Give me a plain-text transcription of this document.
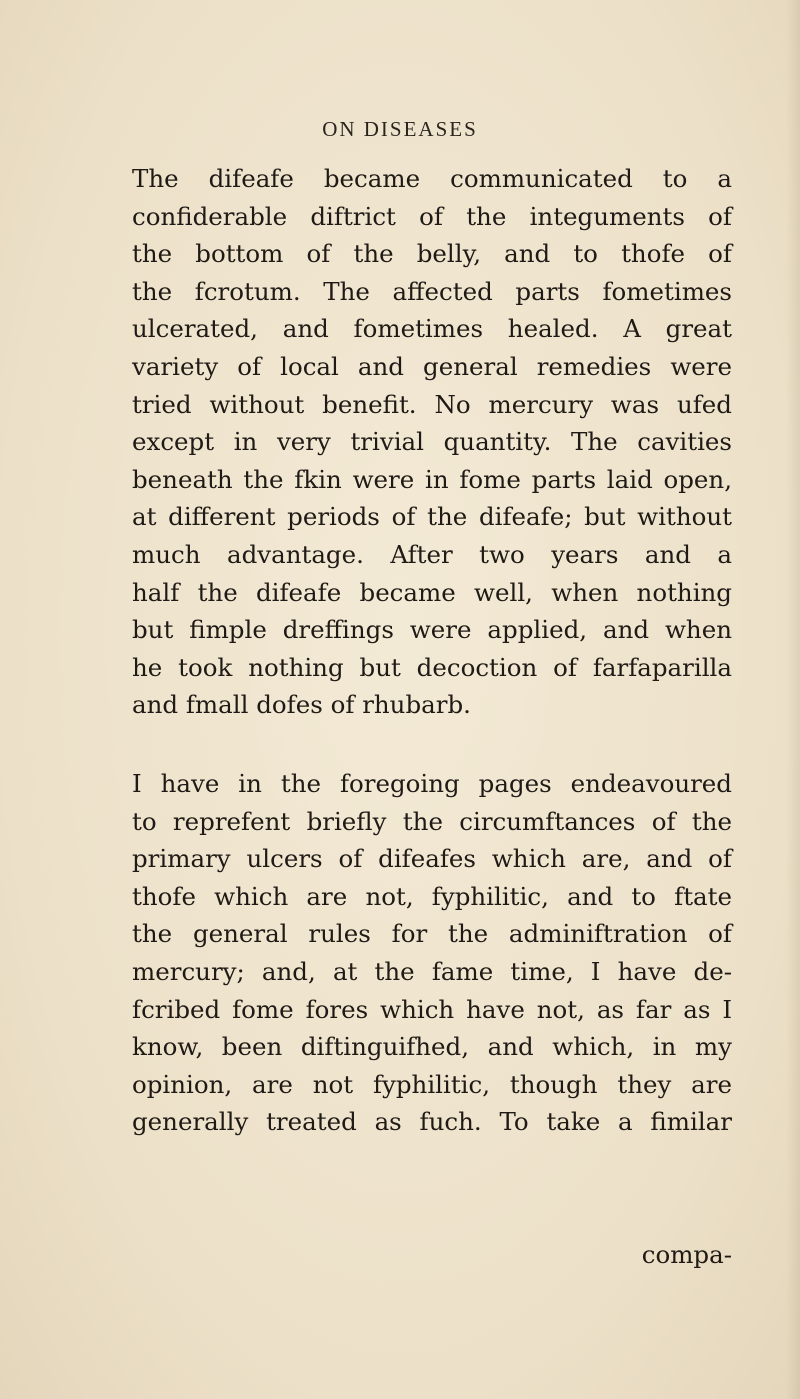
ON DISEASES
The difeafe became communicated to a
confiderable diftrict of the integuments of
the bottom of the belly, and to thofe of
the fcrotum. The affected parts fometimes
ulcerated, and fometimes healed. A great
variety of local and general remedies were
tried without benefit. No mercury was ufed
except in very trivial quantity. The cavities
beneath the fkin were in fome parts laid open,
at different periods of the difeafe; but without
much advantage. After two years and a
half the difeafe became well, when nothing
but fimple dreffings were applied, and when
he took nothing but decoction of farfaparilla
and fmall dofes of rhubarb.
I have in the foregoing pages endeavoured
to reprefent briefly the circumftances of the
primary ulcers of difeafes which are, and of
thofe which are not, fyphilitic, and to ftate
the general rules for the adminiftration of
mercury; and, at the fame time, I have de-
fcribed fome fores which have not, as far as I
know, been diftinguifhed, and which, in my
opinion, are not fyphilitic, though they are
generally treated as fuch. To take a fimilar
compa-
